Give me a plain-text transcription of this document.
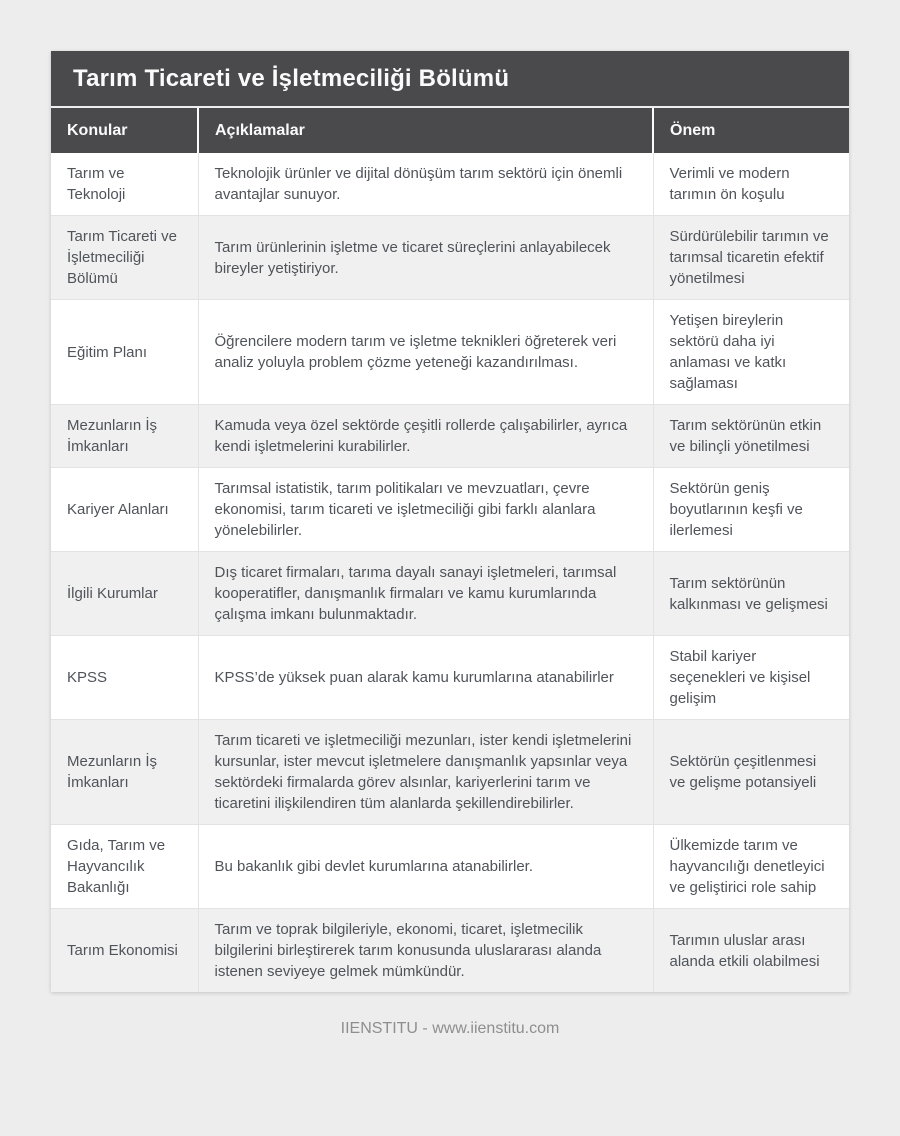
Tarım Ticareti ve İşletmeciliği Bölümü
Konular	Açıklamalar	Önem
Tarım ve Teknoloji	Teknolojik ürünler ve dijital dönüşüm tarım sektörü için önemli avantajlar sunuyor.	Verimli ve modern tarımın ön koşulu
Tarım Ticareti ve İşletmeciliği Bölümü	Tarım ürünlerinin işletme ve ticaret süreçlerini anlayabilecek bireyler yetiştiriyor.	Sürdürülebilir tarımın ve tarımsal ticaretin efektif yönetilmesi
Eğitim Planı	Öğrencilere modern tarım ve işletme teknikleri öğreterek veri analiz yoluyla problem çözme yeteneği kazandırılması.	Yetişen bireylerin sektörü daha iyi anlaması ve katkı sağlaması
Mezunların İş İmkanları	Kamuda veya özel sektörde çeşitli rollerde çalışabilirler, ayrıca kendi işletmelerini kurabilirler.	Tarım sektörünün etkin ve bilinçli yönetilmesi
Kariyer Alanları	Tarımsal istatistik, tarım politikaları ve mevzuatları, çevre ekonomisi, tarım ticareti ve işletmeciliği gibi farklı alanlara yönelebilirler.	Sektörün geniş boyutlarının keşfi ve ilerlemesi
İlgili Kurumlar	Dış ticaret firmaları, tarıma dayalı sanayi işletmeleri, tarımsal kooperatifler, danışmanlık firmaları ve kamu kurumlarında çalışma imkanı bulunmaktadır.	Tarım sektörünün kalkınması ve gelişmesi
KPSS	KPSS’de yüksek puan alarak kamu kurumlarına atanabilirler	Stabil kariyer seçenekleri ve kişisel gelişim
Mezunların İş İmkanları	Tarım ticareti ve işletmeciliği mezunları, ister kendi işletmelerini kursunlar, ister mevcut işletmelere danışmanlık yapsınlar veya sektördeki firmalarda görev alsınlar, kariyerlerini tarım ve ticaretini ilişkilendiren tüm alanlarda şekillendirebilirler.	Sektörün çeşitlenmesi ve gelişme potansiyeli
Gıda, Tarım ve Hayvancılık Bakanlığı	Bu bakanlık gibi devlet kurumlarına atanabilirler.	Ülkemizde tarım ve hayvancılığı denetleyici ve geliştirici role sahip
Tarım Ekonomisi	Tarım ve toprak bilgileriyle, ekonomi, ticaret, işletmecilik bilgilerini birleştirerek tarım konusunda uluslararası alanda istenen seviyeye gelmek mümkündür.	Tarımın uluslar arası alanda etkili olabilmesi
IIENSTITU - www.iienstitu.com
